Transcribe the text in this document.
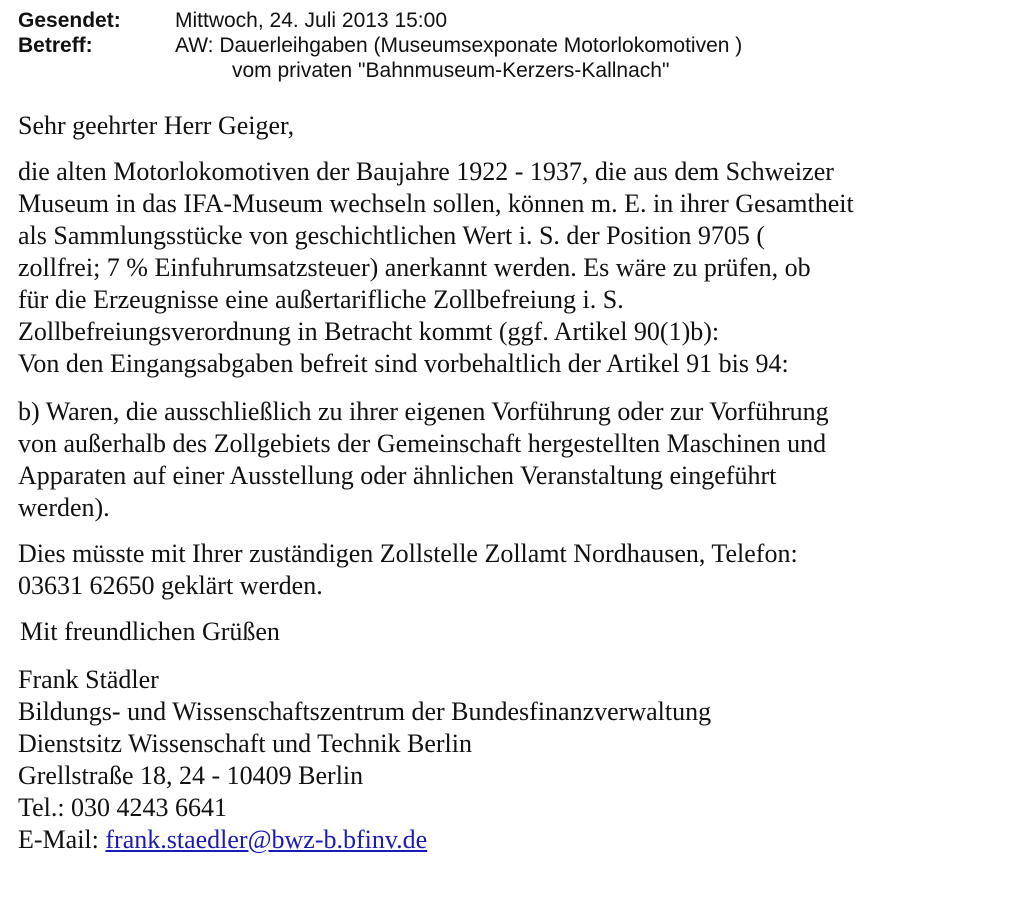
Gesendet:	Mittwoch, 24. Juli 2013 15:00
Betreff:	AW: Dauerleihgaben (Museumsexponate Motorlokomotiven )
vom privaten "Bahnmuseum-Kerzers-Kallnach"
Sehr geehrter Herr Geiger,
die alten Motorlokomotiven der Baujahre 1922 - 1937, die aus dem Schweizer
Museum in das IFA-Museum wechseln sollen, können m. E. in ihrer Gesamtheit
als Sammlungsstücke von geschichtlichen Wert i. S. der Position 9705 (
zollfrei; 7 % Einfuhrumsatzsteuer) anerkannt werden. Es wäre zu prüfen, ob
für die Erzeugnisse eine außertarifliche Zollbefreiung i. S.
Zollbefreiungsverordnung in Betracht kommt (ggf. Artikel 90(1)b):
Von den Eingangsabgaben befreit sind vorbehaltlich der Artikel 91 bis 94:
b) Waren, die ausschließlich zu ihrer eigenen Vorführung oder zur Vorführung
von außerhalb des Zollgebiets der Gemeinschaft hergestellten Maschinen und
Apparaten auf einer Ausstellung oder ähnlichen Veranstaltung eingeführt
werden).
Dies müsste mit Ihrer zuständigen Zollstelle Zollamt Nordhausen, Telefon:
03631 62650 geklärt werden.
Mit freundlichen Grüßen
Frank Städler
Bildungs- und Wissenschaftszentrum der Bundesfinanzverwaltung
Dienstsitz Wissenschaft und Technik Berlin
Grellstraße 18, 24 - 10409 Berlin
Tel.: 030 4243 6641
E-Mail: frank.staedler@bwz-b.bfinv.de
